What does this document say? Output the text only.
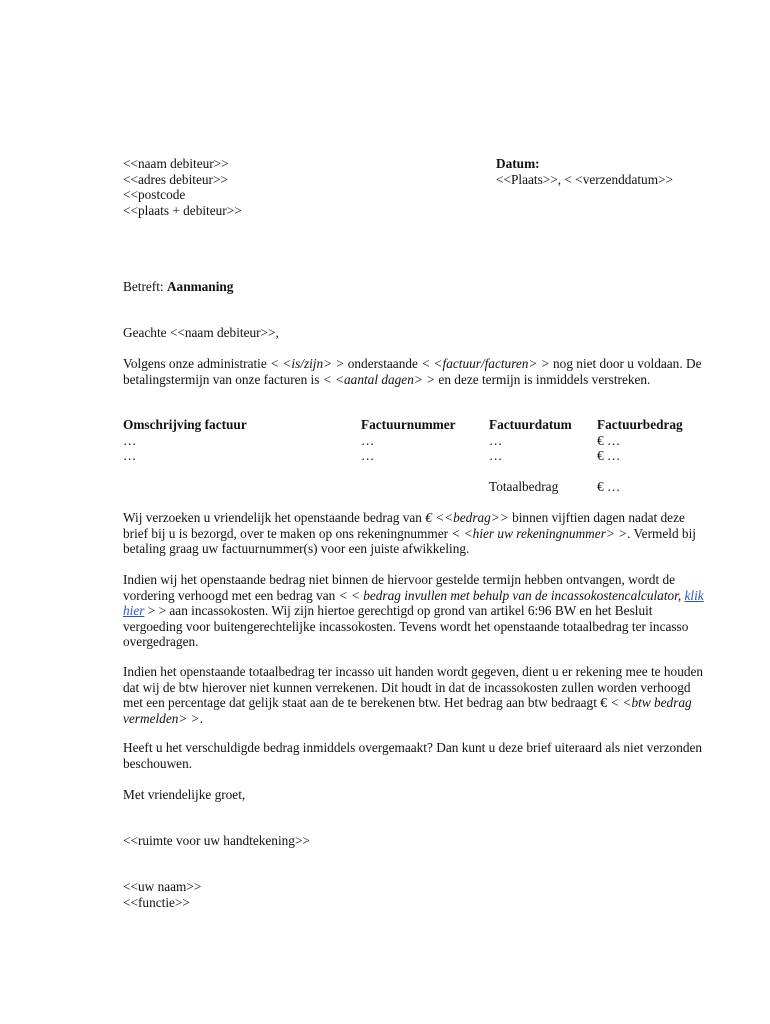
<<naam debiteur>>
<<adres debiteur>>
<<postcode
<<plaats + debiteur>>
Datum:
<<Plaats>>, < <verzenddatum>>
Betreft: Aanmaning
Geachte <<naam debiteur>>,
Volgens onze administratie < <is/zijn> > onderstaande < <factuur/facturen> > nog niet door u voldaan. De betalingstermijn van onze facturen is < <aantal dagen> > en deze termijn is inmiddels verstreken.
Omschrijving factuur	Factuurnummer	Factuurdatum	Factuurbedrag
…	…	…	€ …
…	…	…	€ …

		Totaalbedrag	€ …
Wij verzoeken u vriendelijk het openstaande bedrag van € <<bedrag>> binnen vijftien dagen nadat deze brief bij u is bezorgd, over te maken op ons rekeningnummer < <hier uw rekeningnummer> >. Vermeld bij betaling graag uw factuurnummer(s) voor een juiste afwikkeling.
Indien wij het openstaande bedrag niet binnen de hiervoor gestelde termijn hebben ontvangen, wordt de vordering verhoogd met een bedrag van < < bedrag invullen met behulp van de incassokostencalculator, klik hier > > aan incassokosten. Wij zijn hiertoe gerechtigd op grond van artikel 6:96 BW en het Besluit vergoeding voor buitengerechtelijke incassokosten. Tevens wordt het openstaande totaalbedrag ter incasso overgedragen.
Indien het openstaande totaalbedrag ter incasso uit handen wordt gegeven, dient u er rekening mee te houden dat wij de btw hierover niet kunnen verrekenen. Dit houdt in dat de incassokosten zullen worden verhoogd met een percentage dat gelijk staat aan de te berekenen btw. Het bedrag aan btw bedraagt € < <btw bedrag vermelden> >.
Heeft u het verschuldigde bedrag inmiddels overgemaakt? Dan kunt u deze brief uiteraard als niet verzonden beschouwen.
Met vriendelijke groet,
<<ruimte voor uw handtekening>>
<<uw naam>>
<<functie>>
